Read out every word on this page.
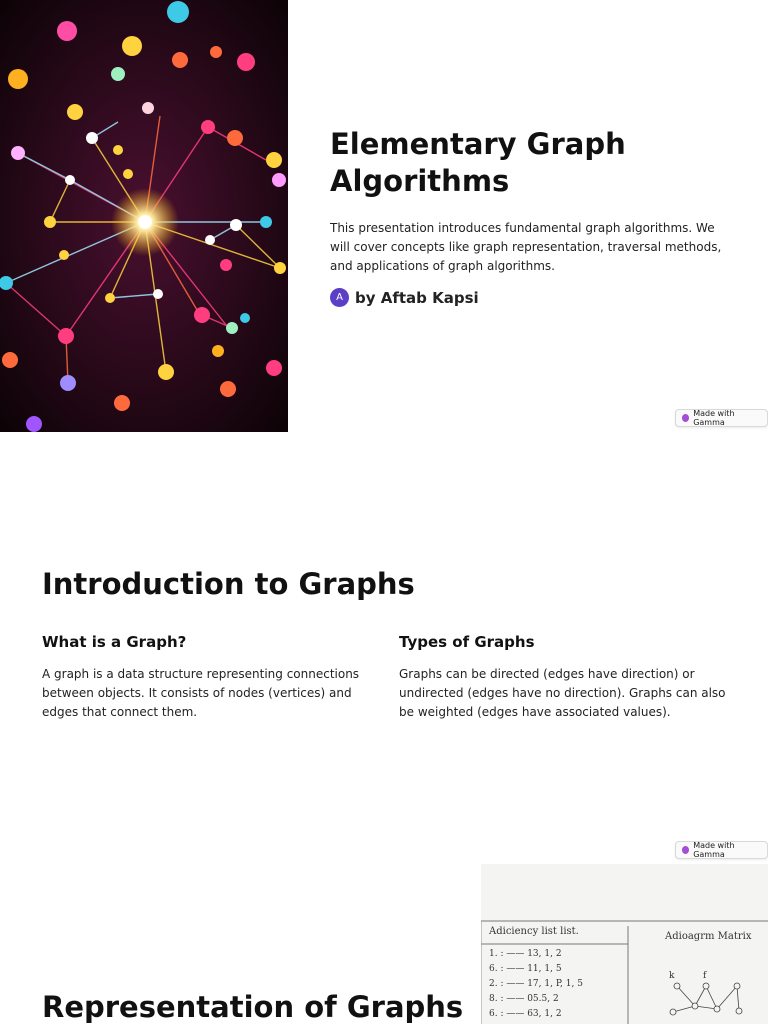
Elementary Graph Algorithms

This presentation introduces fundamental graph algorithms. We will cover concepts like graph representation, traversal methods, and applications of graph algorithms.

A by Aftab Kapsi
Made with Gamma
Introduction to Graphs
What is a Graph?

A graph is a data structure representing connections between objects. It consists of nodes (vertices) and edges that connect them.

Types of Graphs

Graphs can be directed (edges have direction) or undirected (edges have no direction). Graphs can also be weighted (edges have associated values).

Made with Gamma
Adiciency list list.	Adioagrm Matrix
1. : —— 13, 1, 2
6. : —— 11, 1, 5
2. : —— 17, 1, P, 1, 5
8. : —— 05.5, 2
6. : —— 63, 1, 2
k	f
Representation of Graphs
